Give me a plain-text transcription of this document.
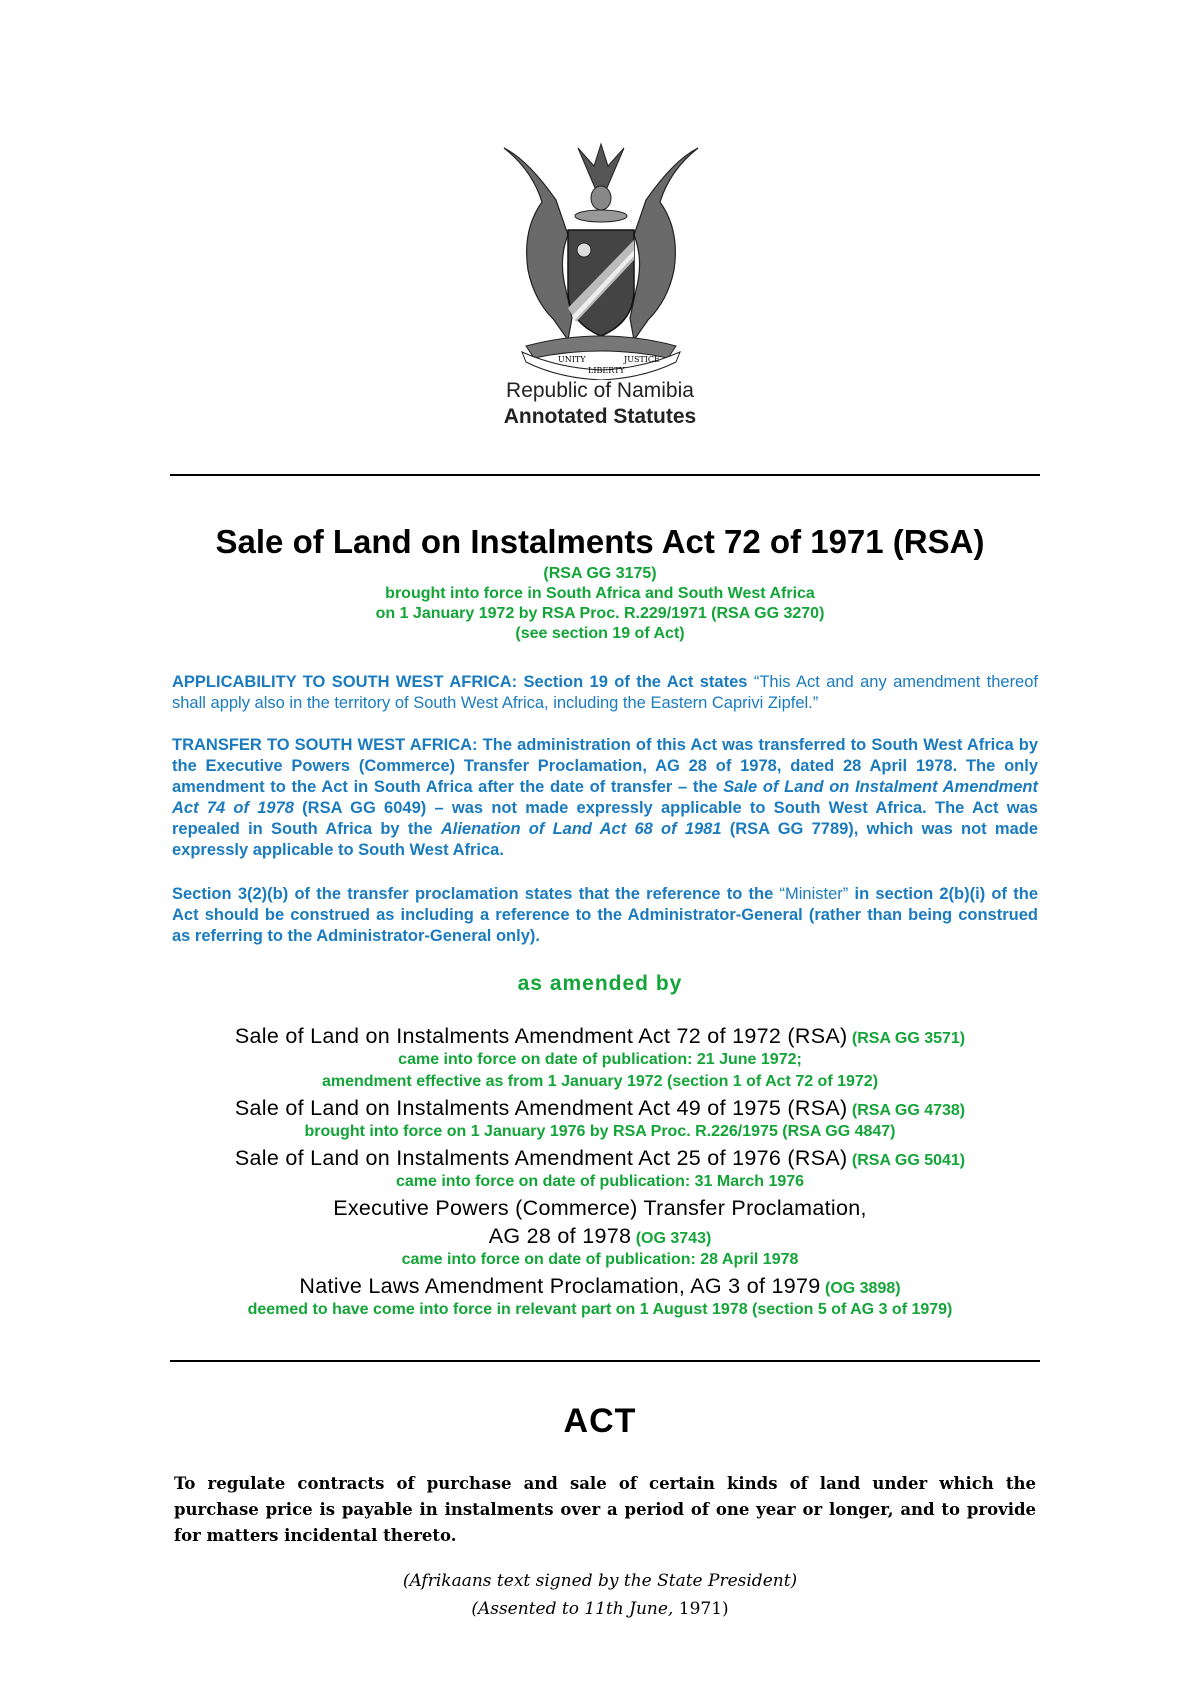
UNITY
LIBERTY
JUSTICE
Republic of Namibia
Annotated Statutes
Sale of Land on Instalments Act 72 of 1971 (RSA)
(RSA GG 3175)
brought into force in South Africa and South West Africa
on 1 January 1972 by RSA Proc. R.229/1971 (RSA GG 3270)
(see section 19 of Act)
APPLICABILITY TO SOUTH WEST AFRICA: Section 19 of the Act states “This Act and any amendment thereof shall apply also in the territory of South West Africa, including the Eastern Caprivi Zipfel.”
TRANSFER TO SOUTH WEST AFRICA: The administration of this Act was transferred to South West Africa by the Executive Powers (Commerce) Transfer Proclamation, AG 28 of 1978, dated 28 April 1978. The only amendment to the Act in South Africa after the date of transfer – the Sale of Land on Instalment Amendment Act 74 of 1978 (RSA GG 6049) – was not made expressly applicable to South West Africa. The Act was repealed in South Africa by the Alienation of Land Act 68 of 1981 (RSA GG 7789), which was not made expressly applicable to South West Africa.
Section 3(2)(b) of the transfer proclamation states that the reference to the “Minister” in section 2(b)(i) of the Act should be construed as including a reference to the Administrator-General (rather than being construed as referring to the Administrator-General only).
as amended by
Sale of Land on Instalments Amendment Act 72 of 1972 (RSA) (RSA GG 3571)
came into force on date of publication: 21 June 1972;
amendment effective as from 1 January 1972 (section 1 of Act 72 of 1972)
Sale of Land on Instalments Amendment Act 49 of 1975 (RSA) (RSA GG 4738)
brought into force on 1 January 1976 by RSA Proc. R.226/1975 (RSA GG 4847)
Sale of Land on Instalments Amendment Act 25 of 1976 (RSA) (RSA GG 5041)
came into force on date of publication: 31 March 1976
Executive Powers (Commerce) Transfer Proclamation,
AG 28 of 1978 (OG 3743)
came into force on date of publication: 28 April 1978
Native Laws Amendment Proclamation, AG 3 of 1979 (OG 3898)
deemed to have come into force in relevant part on 1 August 1978 (section 5 of AG 3 of 1979)
ACT
To regulate contracts of purchase and sale of certain kinds of land under which the purchase price is payable in instalments over a period of one year or longer, and to provide for matters incidental thereto.
(Afrikaans text signed by the State President)
(Assented to 11th June, 1971)
